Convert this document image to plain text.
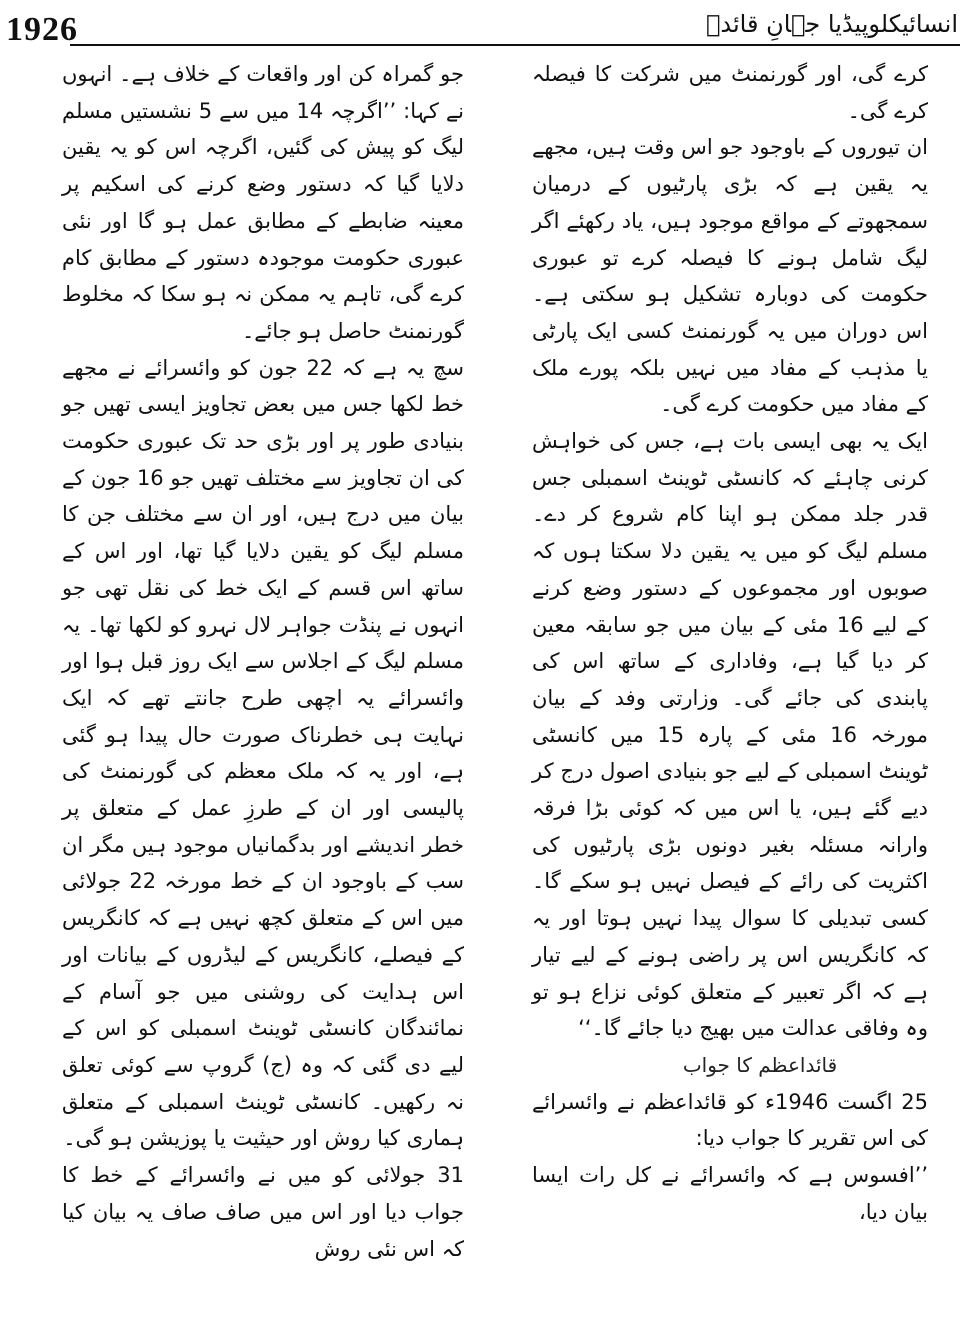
1926	انسائیکلوپیڈیا جہانِ قائدؒ

کرے گی، اور گورنمنٹ میں شرکت کا فیصلہ کرے گی۔

ان تیوروں کے باوجود جو اس وقت ہیں، مجھے یہ یقین ہے کہ بڑی پارٹیوں کے درمیان سمجھوتے کے مواقع موجود ہیں، یاد رکھئے اگر لیگ شامل ہونے کا فیصلہ کرے تو عبوری حکومت کی دوبارہ تشکیل ہو سکتی ہے۔ اس دوران میں یہ گورنمنٹ کسی ایک پارٹی یا مذہب کے مفاد میں نہیں بلکہ پورے ملک کے مفاد میں حکومت کرے گی۔

ایک یہ بھی ایسی بات ہے، جس کی خواہش کرنی چاہئے کہ کانسٹی ٹوینٹ اسمبلی جس قدر جلد ممکن ہو اپنا کام شروع کر دے۔ مسلم لیگ کو میں یہ یقین دلا سکتا ہوں کہ صوبوں اور مجموعوں کے دستور وضع کرنے کے لیے 16 مئی کے بیان میں جو سابقہ معین کر دیا گیا ہے، وفاداری کے ساتھ اس کی پابندی کی جائے گی۔ وزارتی وفد کے بیان مورخہ 16 مئی کے پارہ 15 میں کانسٹی ٹوینٹ اسمبلی کے لیے جو بنیادی اصول درج کر دیے گئے ہیں، یا اس میں کہ کوئی بڑا فرقہ وارانہ مسئلہ بغیر دونوں بڑی پارٹیوں کی اکثریت کی رائے کے فیصل نہیں ہو سکے گا۔ کسی تبدیلی کا سوال پیدا نہیں ہوتا اور یہ کہ کانگریس اس پر راضی ہونے کے لیے تیار ہے کہ اگر تعبیر کے متعلق کوئی نزاع ہو تو وہ وفاقی عدالت میں بھیج دیا جائے گا۔‘‘

قائداعظم کا جواب

25 اگست 1946ء کو قائداعظم نے وائسرائے کی اس تقریر کا جواب دیا:

’’افسوس ہے کہ وائسرائے نے کل رات ایسا بیان دیا،

جو گمراہ کن اور واقعات کے خلاف ہے۔ انہوں نے کہا: ’’اگرچہ 14 میں سے 5 نشستیں مسلم لیگ کو پیش کی گئیں، اگرچہ اس کو یہ یقین دلایا گیا کہ دستور وضع کرنے کی اسکیم پر معینہ ضابطے کے مطابق عمل ہو گا اور نئی عبوری حکومت موجودہ دستور کے مطابق کام کرے گی، تاہم یہ ممکن نہ ہو سکا کہ مخلوط گورنمنٹ حاصل ہو جائے۔

سچ یہ ہے کہ 22 جون کو وائسرائے نے مجھے خط لکھا جس میں بعض تجاویز ایسی تھیں جو بنیادی طور پر اور بڑی حد تک عبوری حکومت کی ان تجاویز سے مختلف تھیں جو 16 جون کے بیان میں درج ہیں، اور ان سے مختلف جن کا مسلم لیگ کو یقین دلایا گیا تھا، اور اس کے ساتھ اس قسم کے ایک خط کی نقل تھی جو انہوں نے پنڈت جواہر لال نہرو کو لکھا تھا۔ یہ مسلم لیگ کے اجلاس سے ایک روز قبل ہوا اور وائسرائے یہ اچھی طرح جانتے تھے کہ ایک نہایت ہی خطرناک صورت حال پیدا ہو گئی ہے، اور یہ کہ ملک معظم کی گورنمنٹ کی پالیسی اور ان کے طرزِ عمل کے متعلق پر خطر اندیشے اور بدگمانیاں موجود ہیں مگر ان سب کے باوجود ان کے خط مورخہ 22 جولائی میں اس کے متعلق کچھ نہیں ہے کہ کانگریس کے فیصلے، کانگریس کے لیڈروں کے بیانات اور اس ہدایت کی روشنی میں جو آسام کے نمائندگان کانسٹی ٹوینٹ اسمبلی کو اس کے لیے دی گئی کہ وہ (ج) گروپ سے کوئی تعلق نہ رکھیں۔ کانسٹی ٹوینٹ اسمبلی کے متعلق ہماری کیا روش اور حیثیت یا پوزیشن ہو گی۔

31 جولائی کو میں نے وائسرائے کے خط کا جواب دیا اور اس میں صاف صاف یہ بیان کیا کہ اس نئی روش
